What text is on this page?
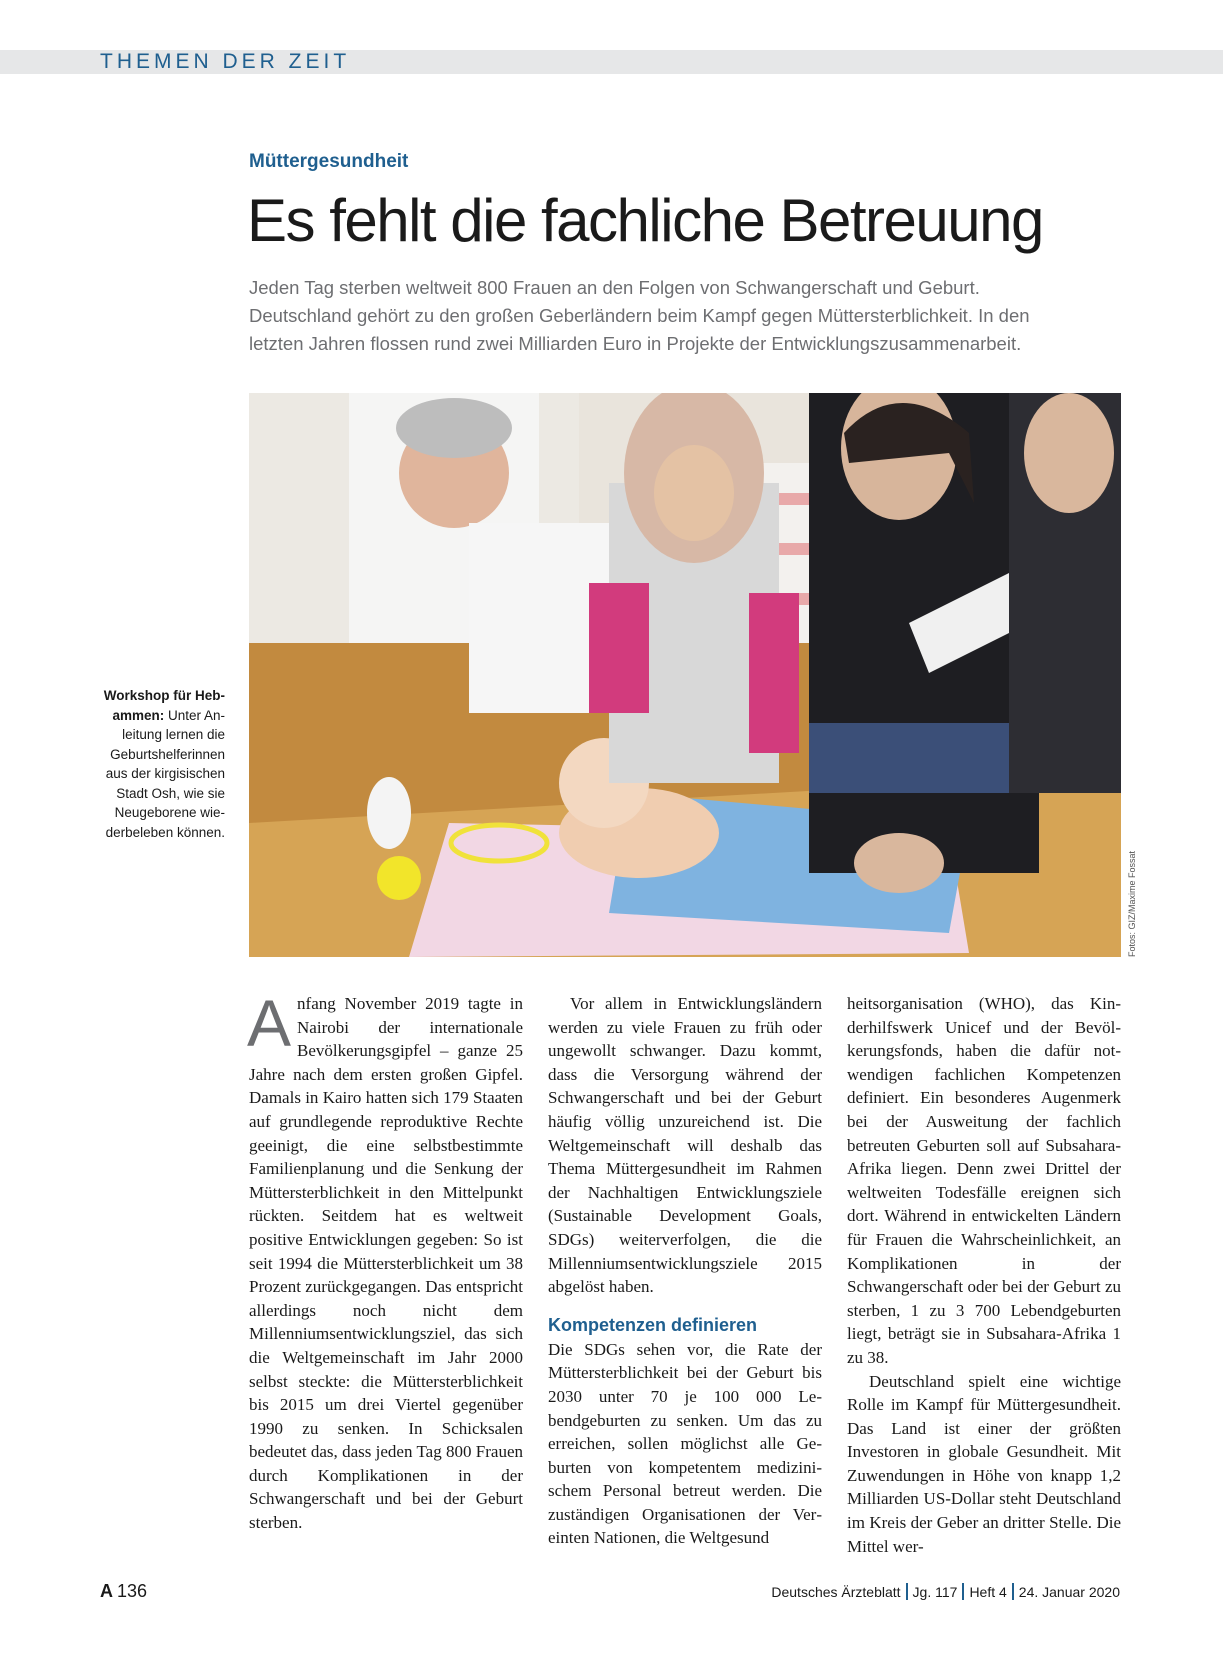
THEMEN DER ZEIT
Müttergesundheit
Es fehlt die fachliche Betreuung
Jeden Tag sterben weltweit 800 Frauen an den Folgen von Schwangerschaft und Geburt.
Deutschland gehört zu den großen Geberländern beim Kampf gegen Müttersterblichkeit. In den
letzten Jahren flossen rund zwei Milliarden Euro in Projekte der Entwicklungszusammenarbeit.
Fotos: GIZ/Maxime Fossat
Workshop für Hebammen: Unter Anleitung lernen die Geburtshelferinnen aus der kirgisischen Stadt Osh, wie sie Neugeborene wiederbeleben können.

Anfang November 2019 tagte in Nairobi der internationale Bevölkerungsgipfel – ganze 25 Jahre nach dem ersten großen Gipfel. Damals in Kairo hatten sich 179 Staaten auf grundlegende reproduktive Rechte geeinigt, die eine selbstbestimmte Familienplanung und die Senkung der Müttersterblichkeit in den Mittelpunkt rückten. Seitdem hat es weltweit positive Entwicklungen gegeben: So ist seit 1994 die Müttersterblichkeit um 38 Prozent zurückgegangen. Das entspricht allerdings noch nicht dem Millenniumsentwicklungsziel, das sich die Weltgemeinschaft im Jahr 2000 selbst steckte: die Müttersterblichkeit bis 2015 um drei Viertel gegenüber 1990 zu senken. In Schicksalen bedeutet das, dass jeden Tag 800 Frauen durch Komplikationen in der Schwangerschaft und bei der Geburt sterben.

Vor allem in Entwicklungsländern werden zu viele Frauen zu früh oder ungewollt schwanger. Dazu kommt, dass die Versorgung während der Schwangerschaft und bei der Geburt häufig völlig unzureichend ist. Die Weltgemeinschaft will deshalb das Thema Müttergesundheit im Rahmen der Nachhaltigen Entwicklungsziele (Sustainable Development Goals, SDGs) weiterverfolgen, die die Millenniumsentwicklungsziele 2015 abgelöst haben.

Kompetenzen definieren

Die SDGs sehen vor, die Rate der Müttersterblichkeit bei der Geburt bis 2030 unter 70 je 100 000 Lebendgeburten zu senken. Um das zu erreichen, sollen möglichst alle Geburten von kompetentem medizinischem Personal betreut werden. Die zuständigen Organisationen der Vereinten Nationen, die Weltgesund

heitsorganisation (WHO), das Kinderhilfswerk Unicef und der Bevölkerungsfonds, haben die dafür notwendigen fachlichen Kompetenzen definiert. Ein besonderes Augenmerk bei der Ausweitung der fachlich betreuten Geburten soll auf Subsahara-Afrika liegen. Denn zwei Drittel der weltweiten Todesfälle ereignen sich dort. Während in entwickelten Ländern für Frauen die Wahrscheinlichkeit, an Komplikationen in der Schwangerschaft oder bei der Geburt zu sterben, 1 zu 3 700 Lebendgeburten liegt, beträgt sie in Subsahara-Afrika 1 zu 38.

Deutschland spielt eine wichtige Rolle im Kampf für Müttergesundheit. Das Land ist einer der größten Investoren in globale Gesundheit. Mit Zuwendungen in Höhe von knapp 1,2 Milliarden US-Dollar steht Deutschland im Kreis der Geber an dritter Stelle. Die Mittel wer-

A 136	Deutsches Ärzteblatt Jg. 117 Heft 4 24. Januar 2020
